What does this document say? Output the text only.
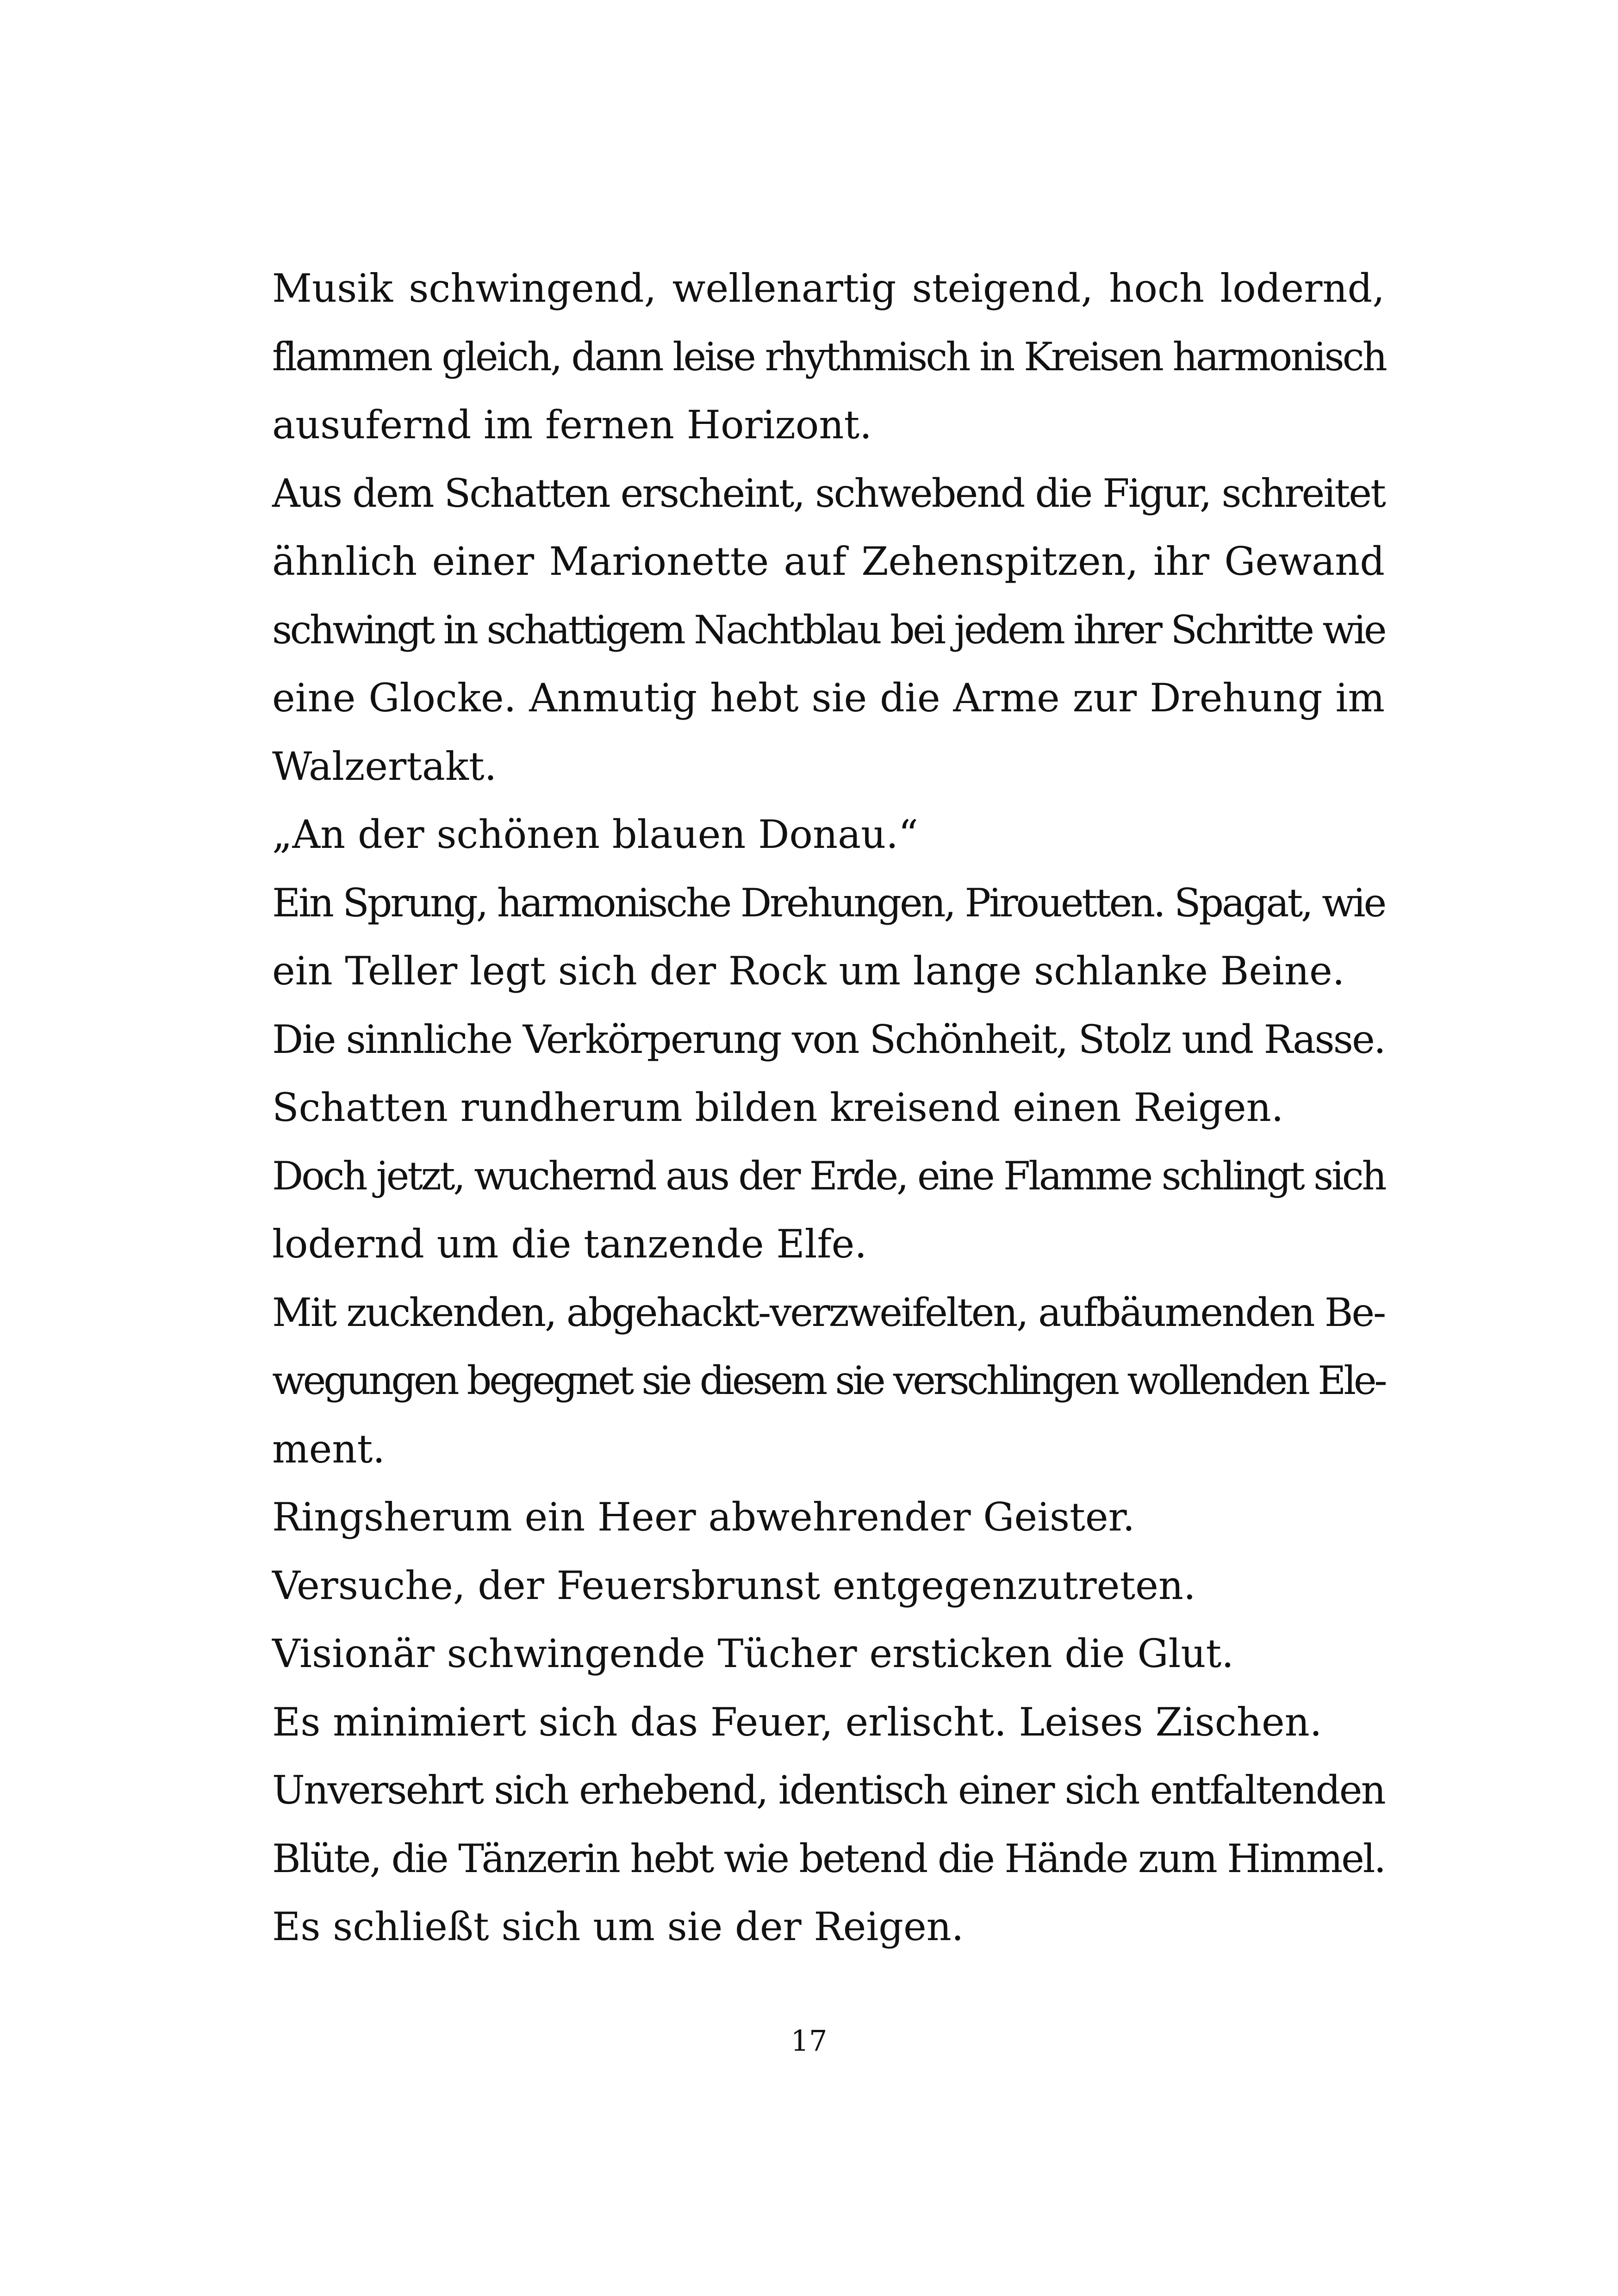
Musik schwingend, wellenartig steigend, hoch lodernd,
flammen gleich, dann leise rhythmisch in Kreisen harmonisch
ausufernd im fernen Horizont.

Aus dem Schatten erscheint, schwebend die Figur, schreitet
ähnlich einer Marionette auf Zehenspitzen, ihr Gewand
schwingt in schattigem Nachtblau bei jedem ihrer Schritte wie
eine Glocke. Anmutig hebt sie die Arme zur Drehung im
Walzertakt.

„An der schönen blauen Donau.“

Ein Sprung, harmonische Drehungen, Pirouetten. Spagat, wie
ein Teller legt sich der Rock um lange schlanke Beine.

Die sinnliche Verkörperung von Schönheit, Stolz und Rasse.
Schatten rundherum bilden kreisend einen Reigen.

Doch jetzt, wuchernd aus der Erde, eine Flamme schlingt sich
lodernd um die tanzende Elfe.

Mit zuckenden, abgehackt-verzweifelten, aufbäumenden Be-
wegungen begegnet sie diesem sie verschlingen wollenden Ele-
ment.

Ringsherum ein Heer abwehrender Geister.

Versuche, der Feuersbrunst entgegenzutreten.

Visionär schwingende Tücher ersticken die Glut.

Es minimiert sich das Feuer, erlischt. Leises Zischen.

Unversehrt sich erhebend, identisch einer sich entfaltenden
Blüte, die Tänzerin hebt wie betend die Hände zum Himmel.

Es schließt sich um sie der Reigen.

17
